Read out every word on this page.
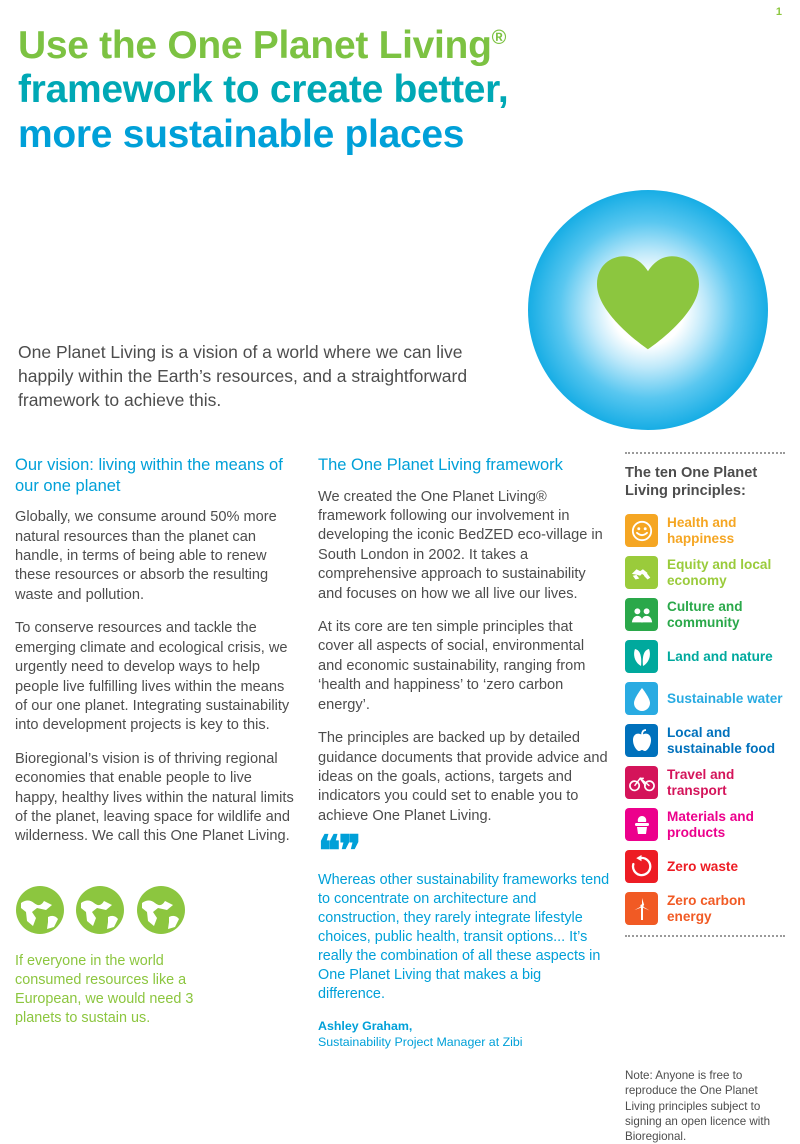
1
Use the One Planet Living®
framework to create better,
more sustainable places
One Planet Living is a vision of a world where we can live happily within the Earth’s resources, and a straightforward framework to achieve this.
Our vision: living within the means of our one planet

Globally, we consume around 50% more natural resources than the planet can handle, in terms of being able to renew these resources or absorb the resulting waste and pollution.

To conserve resources and tackle the emerging climate and ecological crisis, we urgently need to develop ways to help people live fulfilling lives within the means of our one planet. Integrating sustainability into development projects is key to this.

Bioregional’s vision is of thriving regional economies that enable people to live happy, healthy lives within the natural limits of the planet, leaving space for wildlife and wilderness. We call this One Planet Living.

If everyone in the world consumed resources like a European, we would need 3 planets to sustain us.
The One Planet Living framework

We created the One Planet Living® framework following our involvement in developing the iconic BedZED eco-village in South London in 2002. It takes a comprehensive approach to sustainability and focuses on how we all live our lives.

At its core are ten simple principles that cover all aspects of social, environmental and economic sustainability, ranging from ‘health and happiness’ to ‘zero carbon energy’.

The principles are backed up by detailed guidance documents that provide advice and ideas on the goals, actions, targets and indicators you could set to enable you to achieve One Planet Living.

❝❞

Whereas other sustainability frameworks tend to concentrate on architecture and construction, they rarely integrate lifestyle choices, public health, transit options... It’s really the combination of all these aspects in One Planet Living that makes a big difference.

Ashley Graham,
Sustainability Project Manager at Zibi
The ten One Planet Living principles:
Health and happiness
Equity and local economy
Culture and community
Land and nature
Sustainable water
Local and sustainable food
Travel and transport
Materials and products
Zero waste
Zero carbon energy
Note: Anyone is free to reproduce the One Planet Living principles subject to signing an open licence with Bioregional.
